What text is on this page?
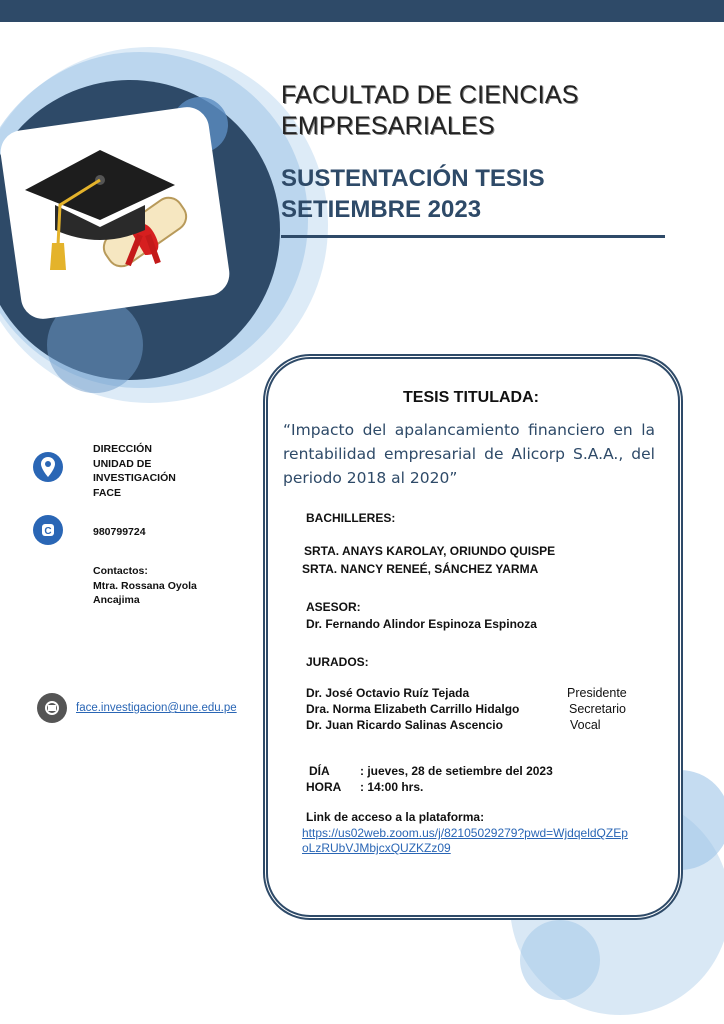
FACULTAD DE CIENCIAS
EMPRESARIALES
SUSTENTACIÓN TESIS
SETIEMBRE 2023
DIRECCIÓN
UNIDAD DE
INVESTIGACIÓN
FACE
C	980799724
Contactos:
Mtra. Rossana Oyola
Ancajima
face.investigacion@une.edu.pe
TESIS TITULADA:
“Impacto del apalancamiento financiero en la rentabilidad empresarial de Alicorp S.A.A., del periodo 2018 al 2020”
BACHILLERES:
SRTA. ANAYS KAROLAY, ORIUNDO QUISPE
SRTA. NANCY RENEÉ, SÁNCHEZ YARMA
ASESOR:
Dr. Fernando Alindor Espinoza Espinoza
JURADOS:
Dr. José Octavio Ruíz Tejada	Presidente
Dra. Norma Elizabeth Carrillo Hidalgo	Secretario
Dr. Juan Ricardo Salinas Ascencio	Vocal
DÍA	: jueves, 28 de setiembre del 2023
HORA : 14:00 hrs.
Link de acceso a la plataforma:
https://us02web.zoom.us/j/82105029279?pwd=WjdqeldQZEpoLzRUbVJMbjcxQUZKZz09
